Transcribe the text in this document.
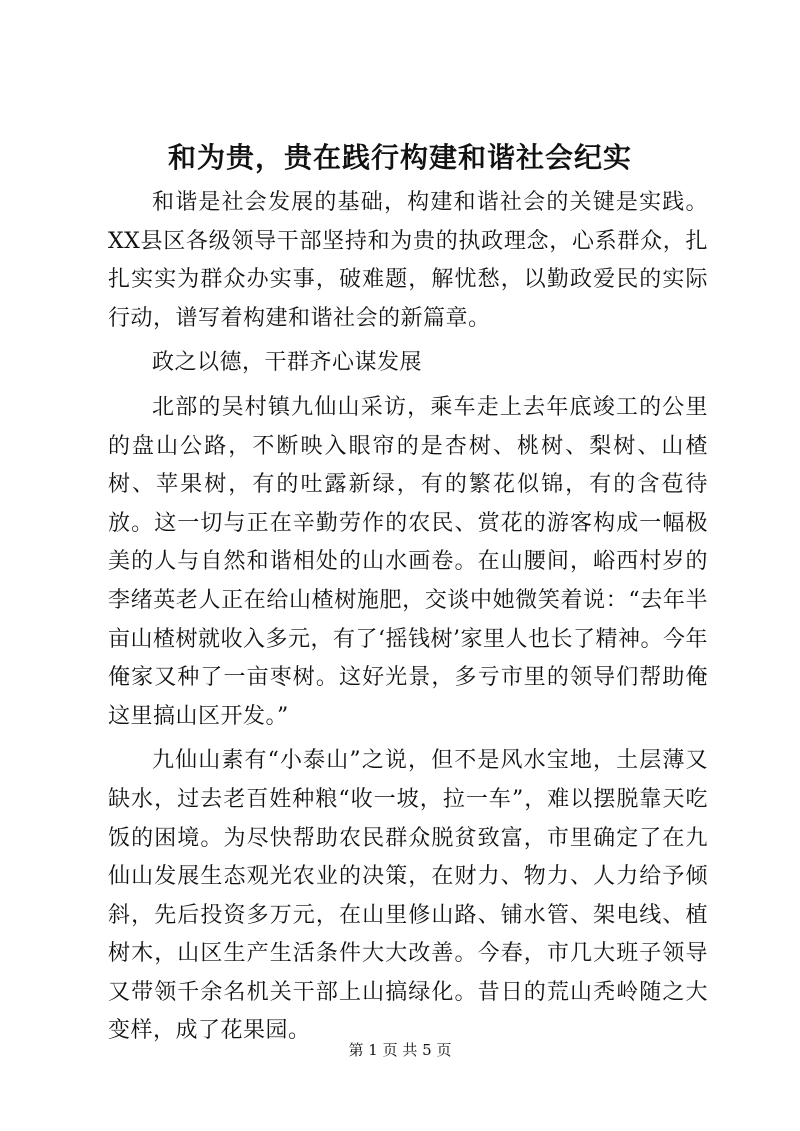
和为贵，贵在践行构建和谐社会纪实

和谐是社会发展的基础，构建和谐社会的关键是实践。XX县区各级领导干部坚持和为贵的执政理念，心系群众，扎扎实实为群众办实事，破难题，解忧愁，以勤政爱民的实际行动，谱写着构建和谐社会的新篇章。

政之以德，干群齐心谋发展

北部的吴村镇九仙山采访，乘车走上去年底竣工的公里的盘山公路，不断映入眼帘的是杏树、桃树、梨树、山楂树、苹果树，有的吐露新绿，有的繁花似锦，有的含苞待放。这一切与正在辛勤劳作的农民、赏花的游客构成一幅极美的人与自然和谐相处的山水画卷。在山腰间，峪西村岁的李绪英老人正在给山楂树施肥，交谈中她微笑着说：“去年半亩山楂树就收入多元，有了‘摇钱树’家里人也长了精神。今年俺家又种了一亩枣树。这好光景，多亏市里的领导们帮助俺这里搞山区开发。”

九仙山素有“小泰山”之说，但不是风水宝地，土层薄又缺水，过去老百姓种粮“收一坡，拉一车”，难以摆脱靠天吃饭的困境。为尽快帮助农民群众脱贫致富，市里确定了在九仙山发展生态观光农业的决策，在财力、物力、人力给予倾斜，先后投资多万元，在山里修山路、铺水管、架电线、植树木，山区生产生活条件大大改善。今春，市几大班子领导又带领千余名机关干部上山搞绿化。昔日的荒山秃岭随之大变样，成了花果园。

第 1 页 共 5 页
